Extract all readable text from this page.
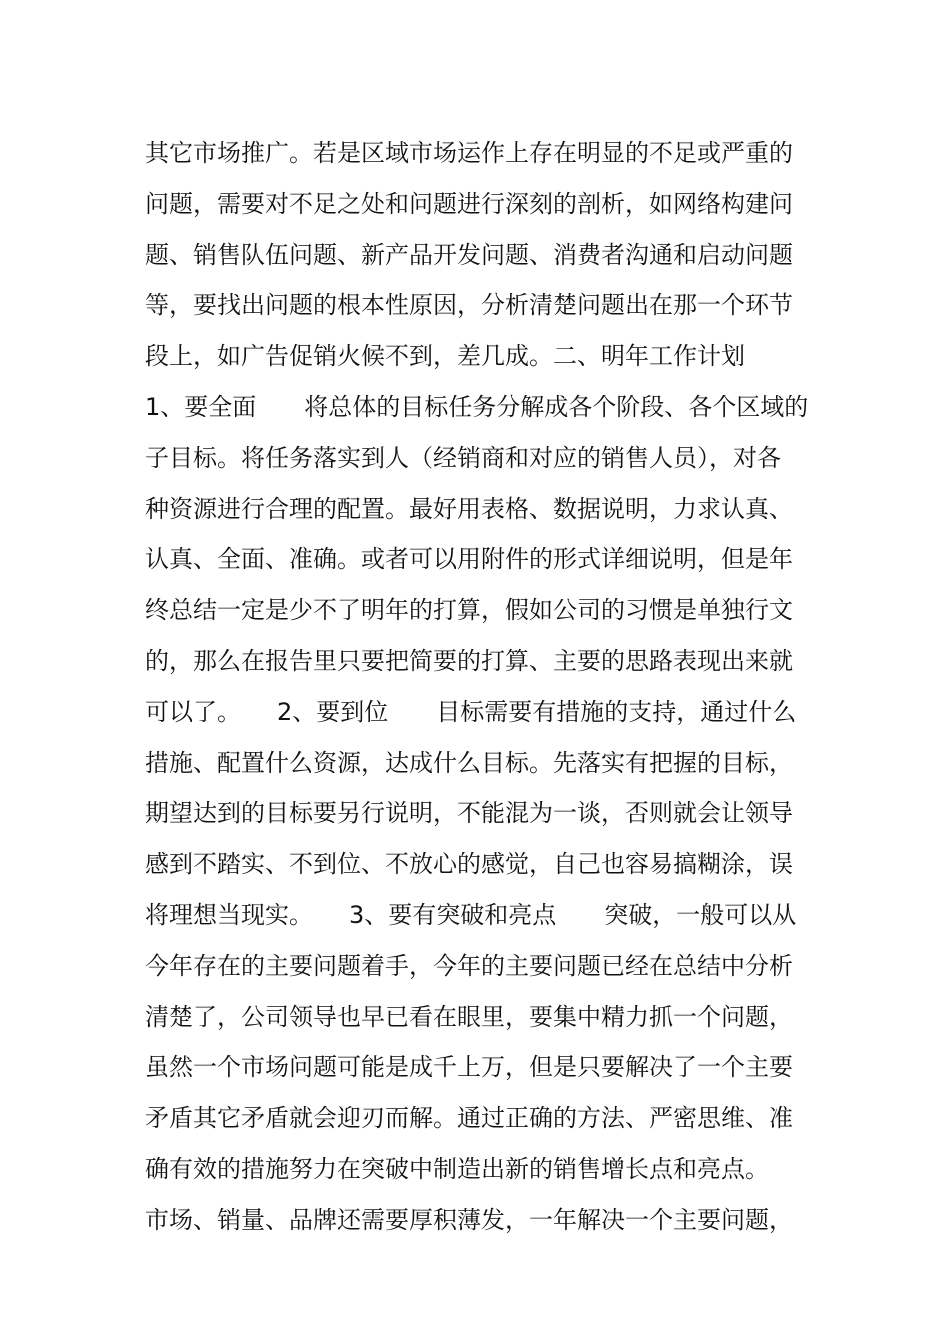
其它市场推广。若是区域市场运作上存在明显的不足或严重的
问题，需要对不足之处和问题进行深刻的剖析，如网络构建问
题、销售队伍问题、新产品开发问题、消费者沟通和启动问题
等，要找出问题的根本性原因，分析清楚问题出在那一个环节
段上，如广告促销火候不到，差几成。二、明年工作计划
1、要全面　　将总体的目标任务分解成各个阶段、各个区域的
子目标。将任务落实到人（经销商和对应的销售人员），对各
种资源进行合理的配置。最好用表格、数据说明，力求认真、
认真、全面、准确。或者可以用附件的形式详细说明，但是年
终总结一定是少不了明年的打算，假如公司的习惯是单独行文
的，那么在报告里只要把简要的打算、主要的思路表现出来就
可以了。　　2、要到位　　目标需要有措施的支持，通过什么
措施、配置什么资源，达成什么目标。先落实有把握的目标，
期望达到的目标要另行说明，不能混为一谈，否则就会让领导
感到不踏实、不到位、不放心的感觉，自己也容易搞糊涂，误
将理想当现实。　　3、要有突破和亮点　　突破，一般可以从
今年存在的主要问题着手，今年的主要问题已经在总结中分析
清楚了，公司领导也早已看在眼里，要集中精力抓一个问题，
虽然一个市场问题可能是成千上万，但是只要解决了一个主要
矛盾其它矛盾就会迎刃而解。通过正确的方法、严密思维、准
确有效的措施努力在突破中制造出新的销售增长点和亮点。
市场、销量、品牌还需要厚积薄发，一年解决一个主要问题，
